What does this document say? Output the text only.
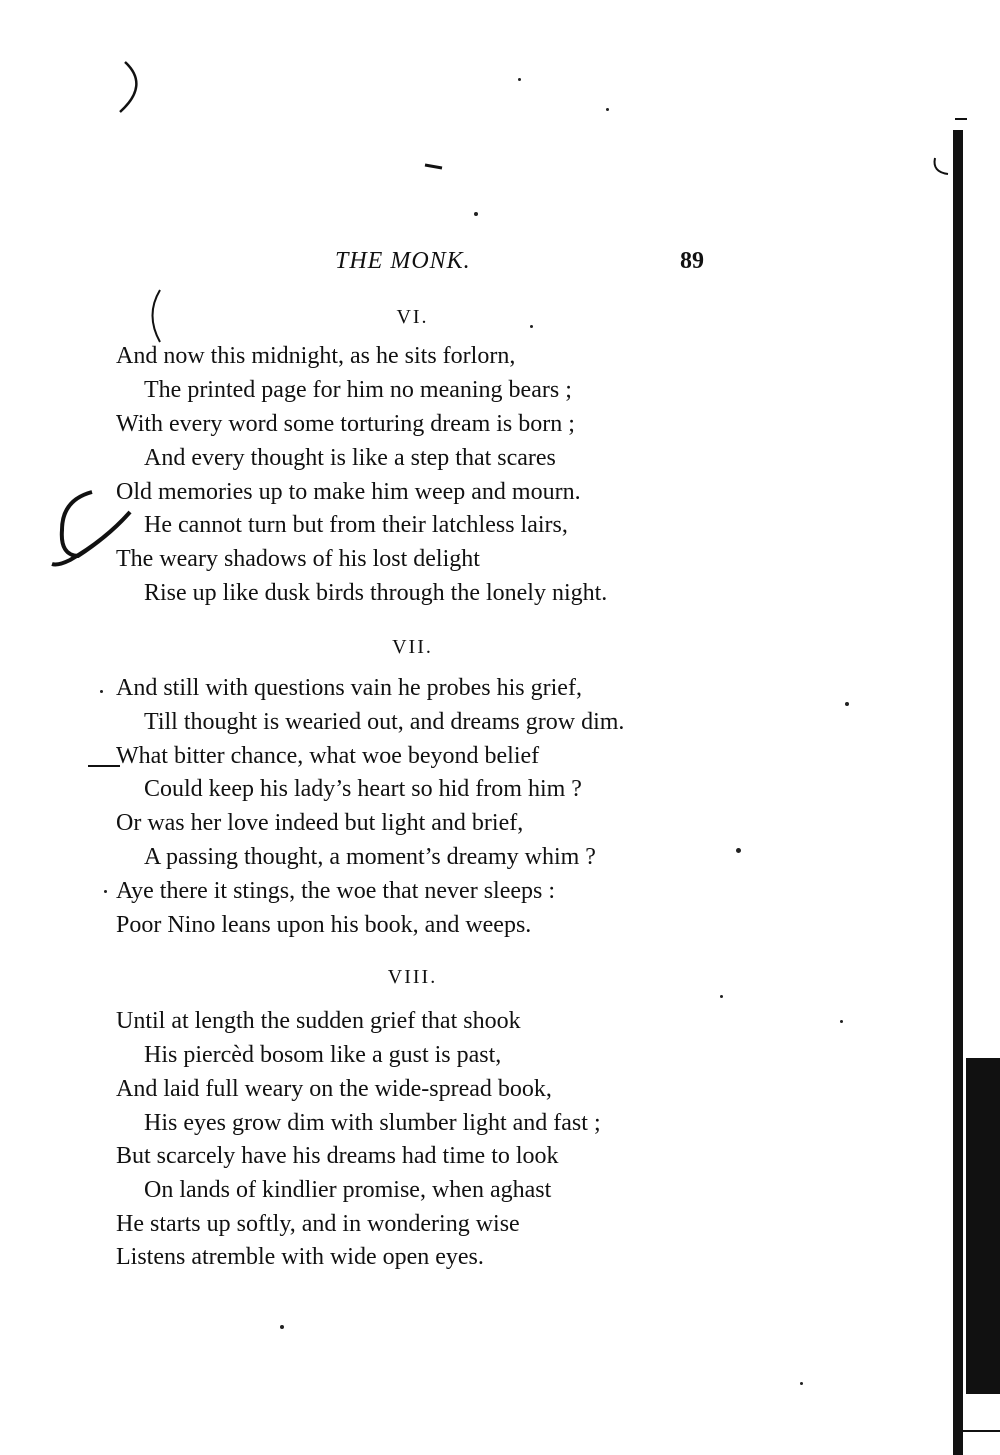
THE MONK.	89
VI.
And now this midnight, as he sits forlorn,
The printed page for him no meaning bears ;
With every word some torturing dream is born ;
And every thought is like a step that scares
Old memories up to make him weep and mourn.
He cannot turn but from their latchless lairs,
The weary shadows of his lost delight
Rise up like dusk birds through the lonely night.
VII.
And still with questions vain he probes his grief,
Till thought is wearied out, and dreams grow dim.
What bitter chance, what woe beyond belief
Could keep his lady’s heart so hid from him ?
Or was her love indeed but light and brief,
A passing thought, a moment’s dreamy whim ?
Aye there it stings, the woe that never sleeps :
Poor Nino leans upon his book, and weeps.
VIII.
Until at length the sudden grief that shook
His piercèd bosom like a gust is past,
And laid full weary on the wide-spread book,
His eyes grow dim with slumber light and fast ;
But scarcely have his dreams had time to look
On lands of kindlier promise, when aghast
He starts up softly, and in wondering wise
Listens atremble with wide open eyes.
